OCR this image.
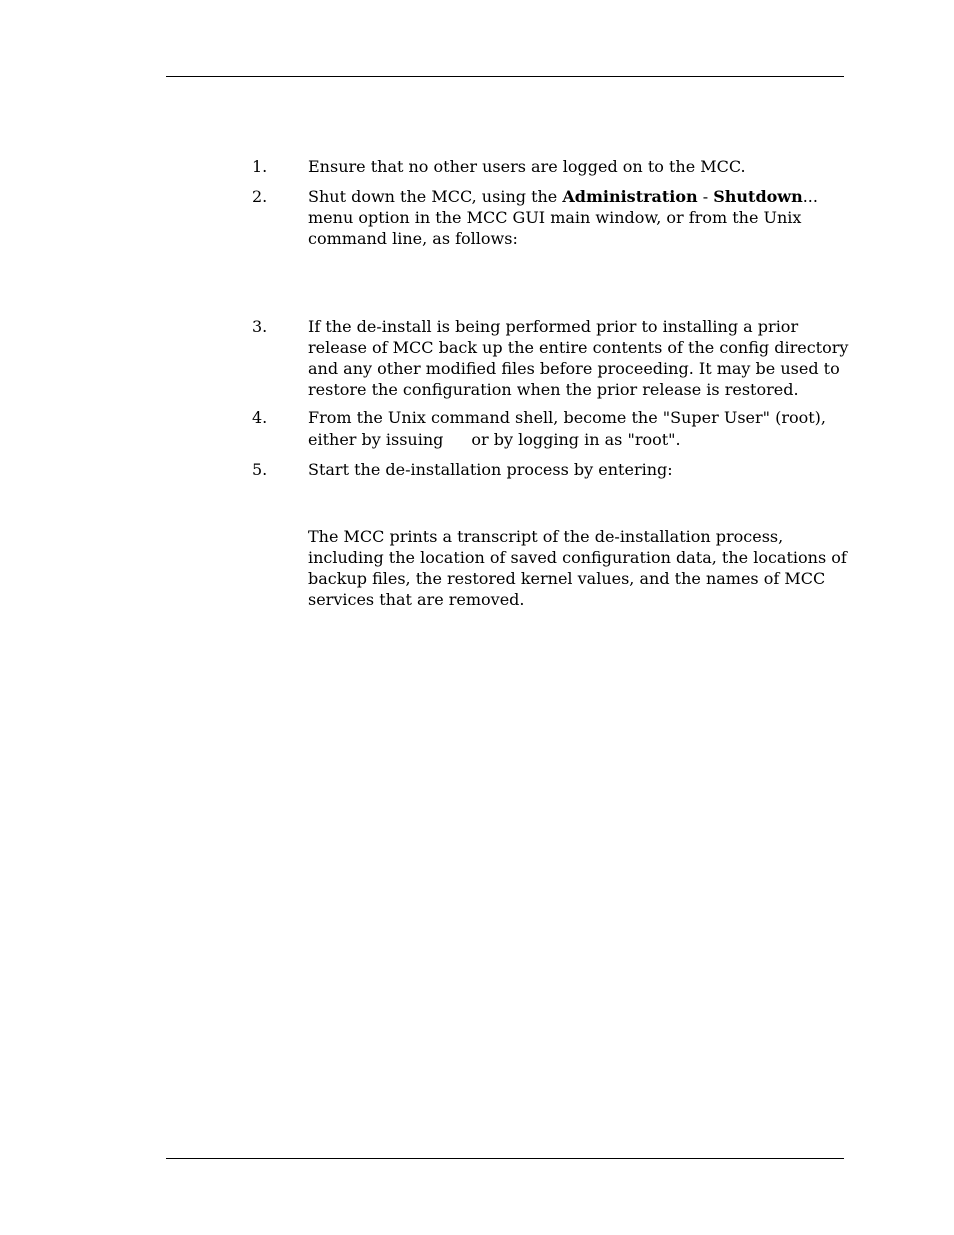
1.	Ensure that no other users are logged on to the MCC.
2.	Shut down the MCC, using the Administration - Shutdown...
menu option in the MCC GUI main window, or from the Unix
command line, as follows:
3.	If the de-install is being performed prior to installing a prior
release of MCC back up the entire contents of the config directory
and any other modified files before proceeding. It may be used to
restore the configuration when the prior release is restored.
4.	From the Unix command shell, become the "Super User" (root),
either by issuing or by logging in as "root".
5.	Start the de-installation process by entering:
The MCC prints a transcript of the de-installation process,
including the location of saved configuration data, the locations of
backup files, the restored kernel values, and the names of MCC
services that are removed.
